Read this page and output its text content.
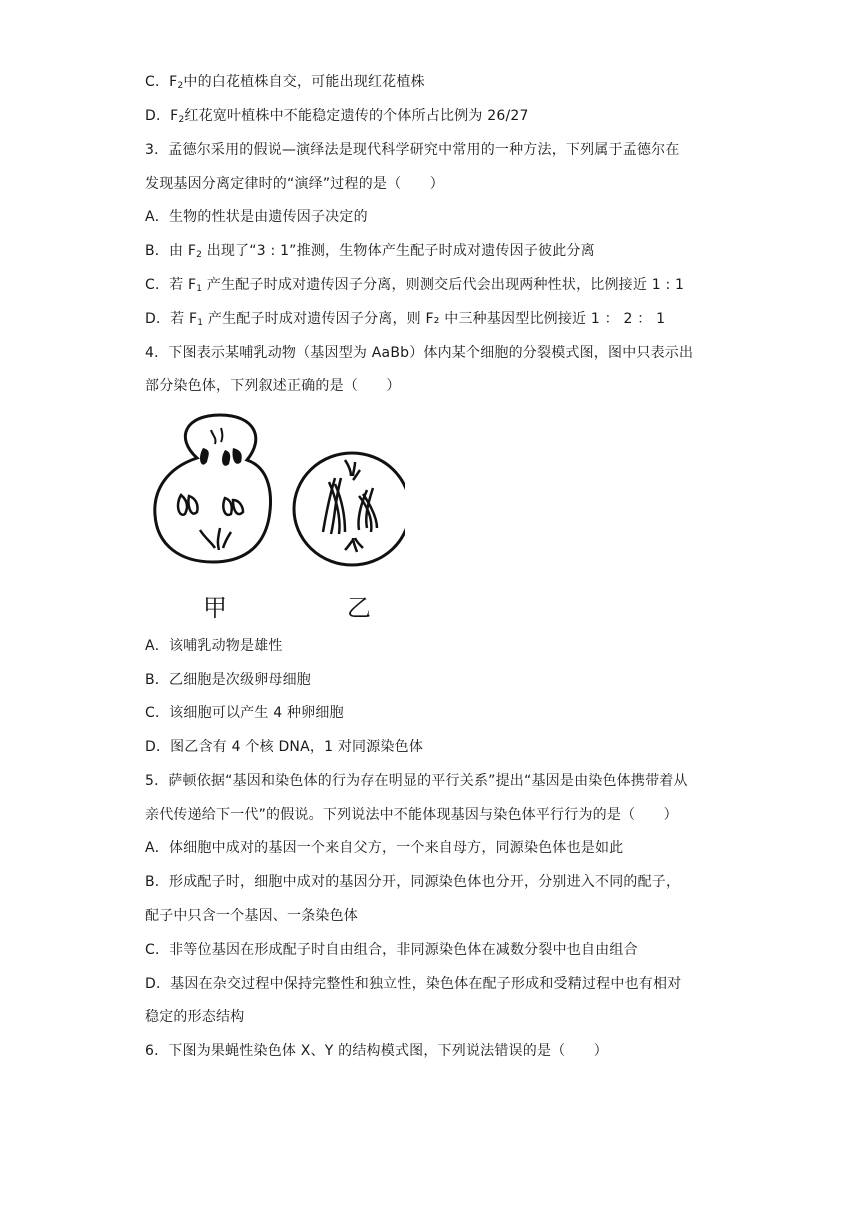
C．$F_2$中的白花植株自交，可能出现红花植株
D．$F_2$红花宽叶植株中不能稳定遗传的个体所占比例为 26/27
3．孟德尔采用的假说—演绎法是现代科学研究中常用的一种方法，下列属于孟德尔在
发现基因分离定律时的“演绎”过程的是（　　）
A．生物的性状是由遗传因子决定的
B．由 $F_2$ 出现了“3 : 1”推测，生物体产生配子时成对遗传因子彼此分离
C．若 $F_1$ 产生配子时成对遗传因子分离，则测交后代会出现两种性状，比例接近 1 : 1
D．若 $F_1$ 产生配子时成对遗传因子分离，则 F₂ 中三种基因型比例接近 1 ： 2 ： 1
4．下图表示某哺乳动物（基因型为 AaBb）体内某个细胞的分裂模式图，图中只表示出
部分染色体，下列叙述正确的是（　　）
甲	乙
A．该哺乳动物是雄性
B．乙细胞是次级卵母细胞
C．该细胞可以产生 4 种卵细胞
D．图乙含有 4 个核 DNA，1 对同源染色体
5．萨顿依据“基因和染色体的行为存在明显的平行关系”提出“基因是由染色体携带着从
亲代传递给下一代”的假说。下列说法中不能体现基因与染色体平行行为的是（　　）
A．体细胞中成对的基因一个来自父方，一个来自母方，同源染色体也是如此
B．形成配子时，细胞中成对的基因分开，同源染色体也分开，分别进入不同的配子，
配子中只含一个基因、一条染色体
C．非等位基因在形成配子时自由组合，非同源染色体在减数分裂中也自由组合
D．基因在杂交过程中保持完整性和独立性，染色体在配子形成和受精过程中也有相对
稳定的形态结构
6．下图为果蝇性染色体 X、Y 的结构模式图，下列说法错误的是（　　）
